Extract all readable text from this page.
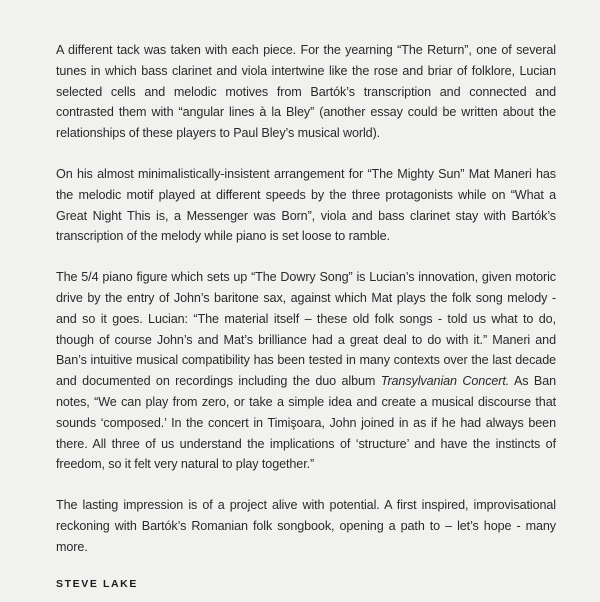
A different tack was taken with each piece. For the yearning “The Return”, one of several tunes in which bass clarinet and viola intertwine like the rose and briar of folklore, Lucian selected cells and melodic motives from Bartók’s transcription and connected and contrasted them with “angular lines à la Bley” (another essay could be written about the relationships of these players to Paul Bley’s musical world).

On his almost minimalistically-insistent arrangement for “The Mighty Sun” Mat Maneri has the melodic motif played at different speeds by the three protagonists while on “What a Great Night This is, a Messenger was Born”, viola and bass clarinet stay with Bartók’s transcription of the melody while piano is set loose to ramble.

The 5/4 piano figure which sets up “The Dowry Song” is Lucian’s innovation, given motoric drive by the entry of John’s baritone sax, against which Mat plays the folk song melody - and so it goes. Lucian: “The material itself – these old folk songs - told us what to do, though of course John’s and Mat’s brilliance had a great deal to do with it.” Maneri and Ban’s intuitive musical compatibility has been tested in many contexts over the last decade and documented on recordings including the duo album Transylvanian Concert. As Ban notes, “We can play from zero, or take a simple idea and create a musical discourse that sounds ‘composed.’ In the concert in Timişoara, John joined in as if he had always been there. All three of us understand the implications of ‘structure’ and have the instincts of freedom, so it felt very natural to play together.”

The lasting impression is of a project alive with potential. A first inspired, improvisational reckoning with Bartók’s Romanian folk songbook, opening a path to – let’s hope - many more.

STEVE LAKE
